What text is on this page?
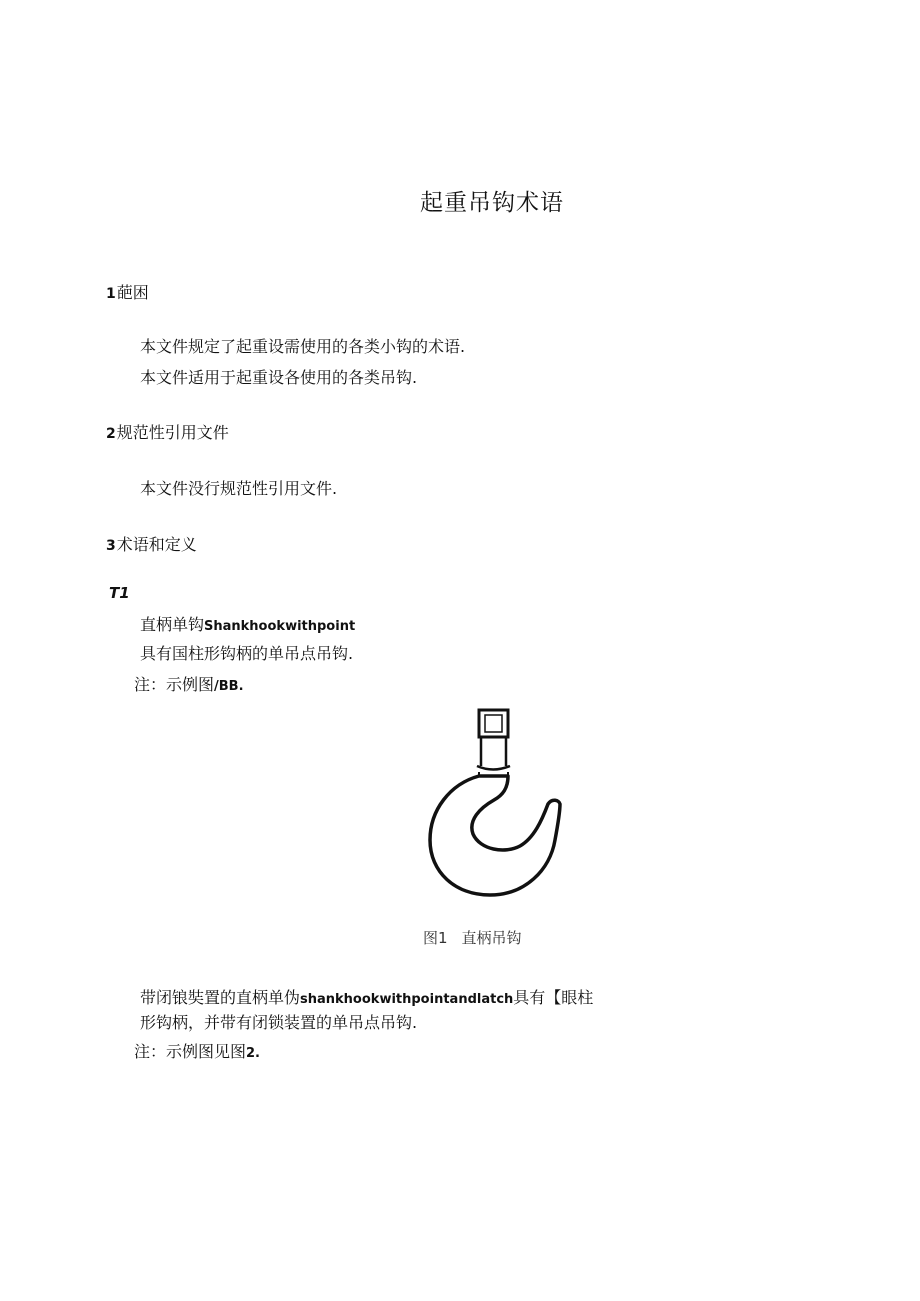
起重吊钩术语
1葩困
本文件规定了起重设需使用的各类小钩的术语.
本文件适用于起重设各使用的各类吊钩.
2规范性引用文件
本文件没行规范性引用文件.
3术语和定义
T1
直柄单钩Shankhookwithpoint
具有国柱形钩柄的单吊点吊钩.
注：示例图/BB.
图1 直柄吊钩
带闭锒奘置的直柄单伪shankhookwithpointandlatch具有【眼柱
形钩柄，并带有闭锁装置的单吊点吊钩.
注：示例图见图2.
